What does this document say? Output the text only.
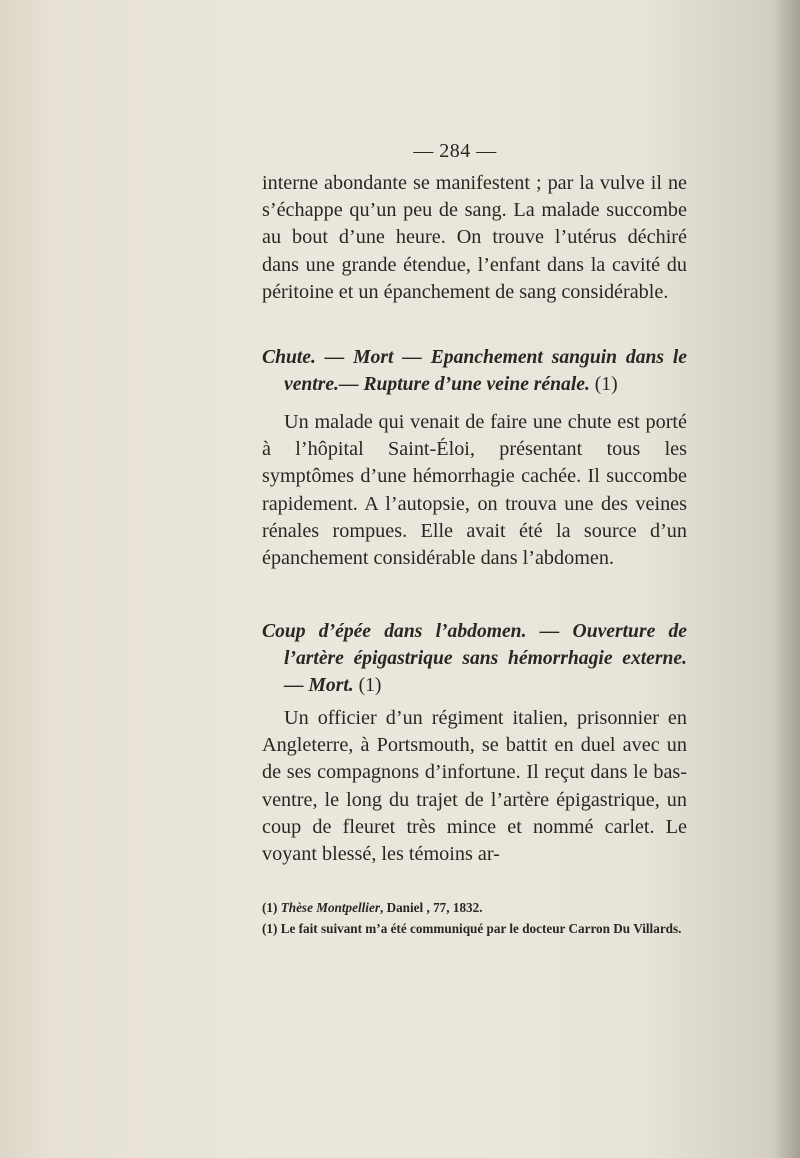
— 284 —

interne abondante se manifestent ; par la vulve il ne s’échappe qu’un peu de sang. La malade succombe au bout d’une heure. On trouve l’utérus déchiré dans une grande étendue, l’enfant dans la cavité du péritoine et un épanchement de sang considérable.

Chute. — Mort — Epanchement sanguin dans le ventre.— Rupture d’une veine rénale. (1)

Un malade qui venait de faire une chute est porté à l’hôpital Saint-Éloi, présentant tous les symptômes d’une hémorrhagie cachée. Il succombe rapidement. A l’autopsie, on trouva une des veines rénales rompues. Elle avait été la source d’un épanchement considérable dans l’abdomen.

Coup d’épée dans l’abdomen. — Ouverture de l’artère épigastrique sans hémorrhagie externe. — Mort. (1)

Un officier d’un régiment italien, prisonnier en Angleterre, à Portsmouth, se battit en duel avec un de ses compagnons d’infortune. Il reçut dans le bas-ventre, le long du trajet de l’artère épigastrique, un coup de fleuret très mince et nommé carlet. Le voyant blessé, les témoins ar-

(1) Thèse Montpellier, Daniel , 77, 1832.

(1) Le fait suivant m’a été communiqué par le docteur Carron Du Villards.
